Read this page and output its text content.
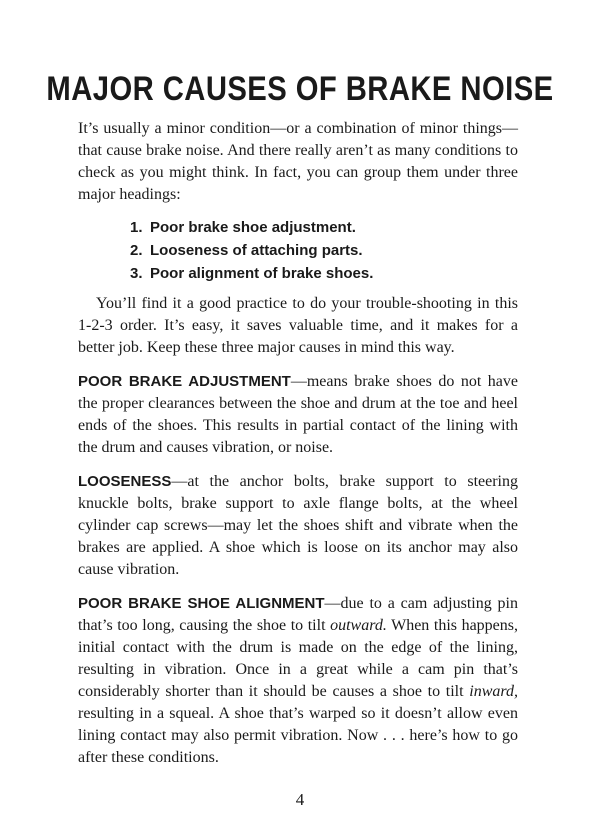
MAJOR CAUSES OF BRAKE NOISE

It’s usually a minor condition—or a combination of minor things—that cause brake noise. And there really aren’t as many conditions to check as you might think. In fact, you can group them under three major headings:

1. Poor brake shoe adjustment.
2. Looseness of attaching parts.
3. Poor alignment of brake shoes.

You’ll find it a good practice to do your trouble-shooting in this 1-2-3 order. It’s easy, it saves valuable time, and it makes for a better job. Keep these three major causes in mind this way.

POOR BRAKE ADJUSTMENT—means brake shoes do not have the proper clearances between the shoe and drum at the toe and heel ends of the shoes. This results in partial contact of the lining with the drum and causes vibration, or noise.

LOOSENESS—at the anchor bolts, brake support to steering knuckle bolts, brake support to axle flange bolts, at the wheel cylinder cap screws—may let the shoes shift and vibrate when the brakes are applied. A shoe which is loose on its anchor may also cause vibration.

POOR BRAKE SHOE ALIGNMENT—due to a cam adjusting pin that’s too long, causing the shoe to tilt outward. When this happens, initial contact with the drum is made on the edge of the lining, resulting in vibration. Once in a great while a cam pin that’s considerably shorter than it should be causes a shoe to tilt inward, resulting in a squeal. A shoe that’s warped so it doesn’t allow even lining contact may also permit vibration. Now . . . here’s how to go after these conditions.

4
